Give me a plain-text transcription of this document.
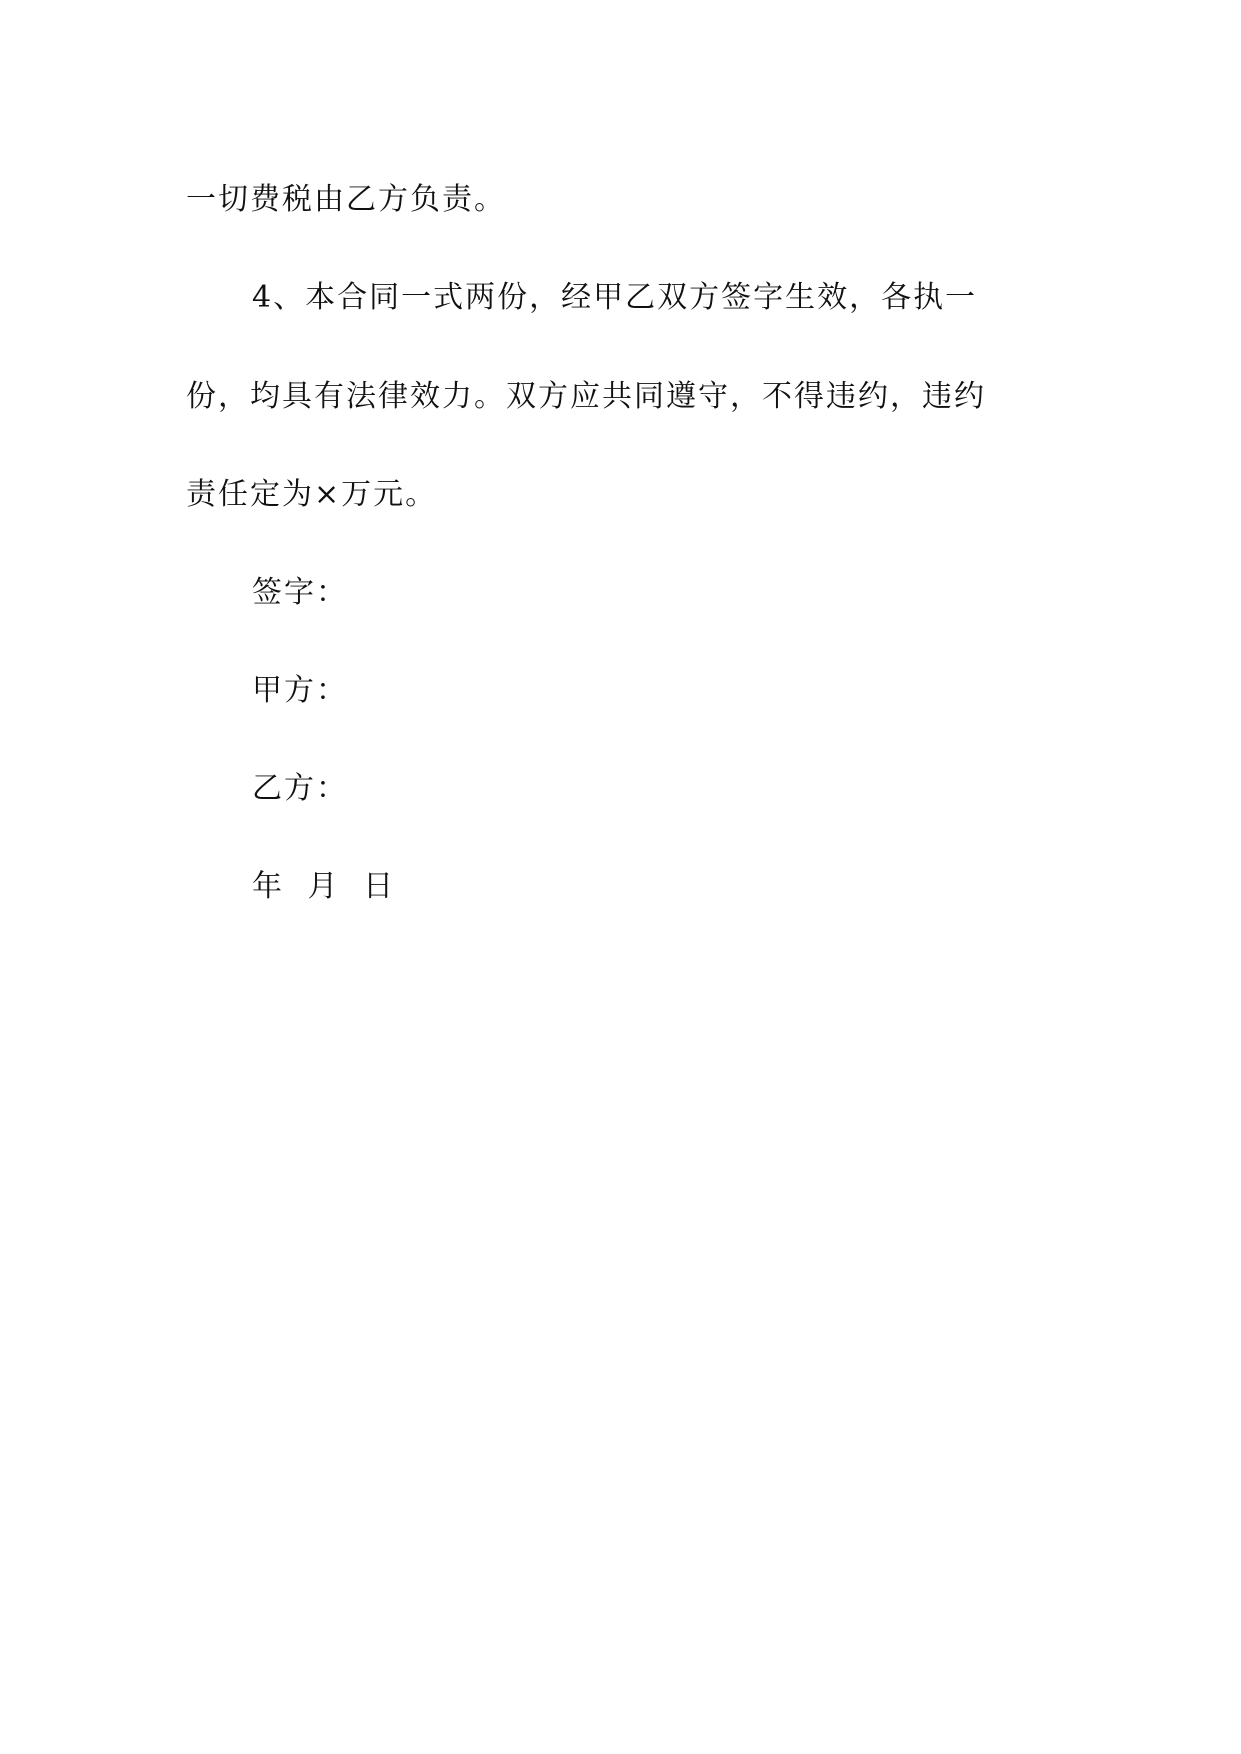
一切费税由乙方负责。

4、本合同一式两份，经甲乙双方签字生效，各执一

份，均具有法律效力。双方应共同遵守，不得违约，违约

责任定为×万元。

签字：

甲方：

乙方：

年 月 日
